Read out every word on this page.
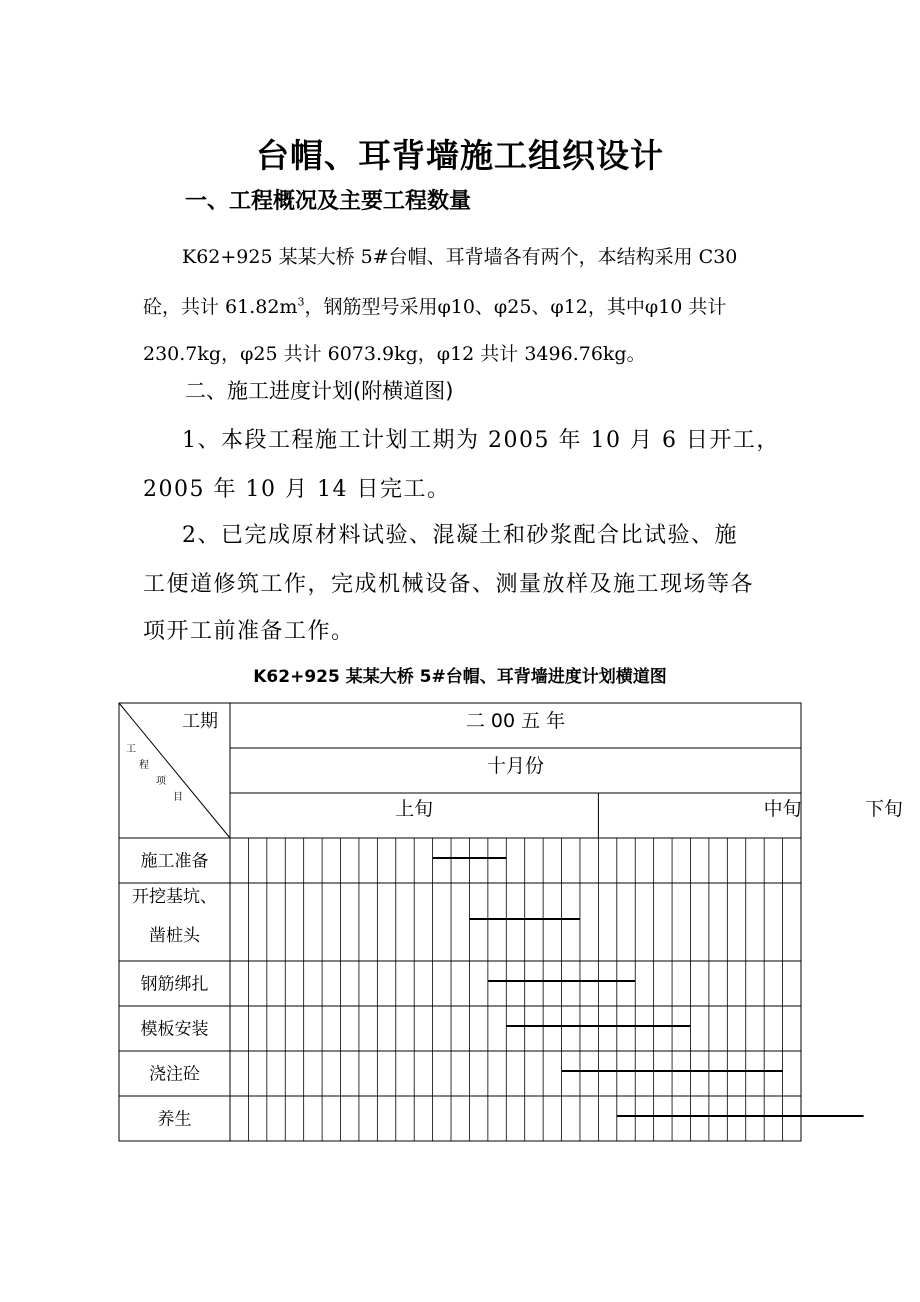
台帽、耳背墙施工组织设计
一、工程概况及主要工程数量
K62+925 某某大桥 5#台帽、耳背墙各有两个，本结构采用 C30
砼，共计 $61.82m^3$，钢筋型号采用φ10、φ25、φ12，其中φ10 共计
230.7kg，φ25 共计 6073.9kg，φ12 共计 3496.76kg。
二、施工进度计划(附横道图)
1、本段工程施工计划工期为 2005 年 10 月 6 日开工，
2005 年 10 月 14 日完工。
2、已完成原材料试验、混凝土和砂浆配合比试验、施
工便道修筑工作，完成机械设备、测量放样及施工现场等各
项开工前准备工作。
K62+925 某某大桥 5#台帽、耳背墙进度计划横道图
工期
工
程
项
目
二 00 五 年
十月份
上旬	中旬	下旬
施工准备
开挖基坑、
凿桩头
钢筋绑扎
模板安装
浇注砼
养生
